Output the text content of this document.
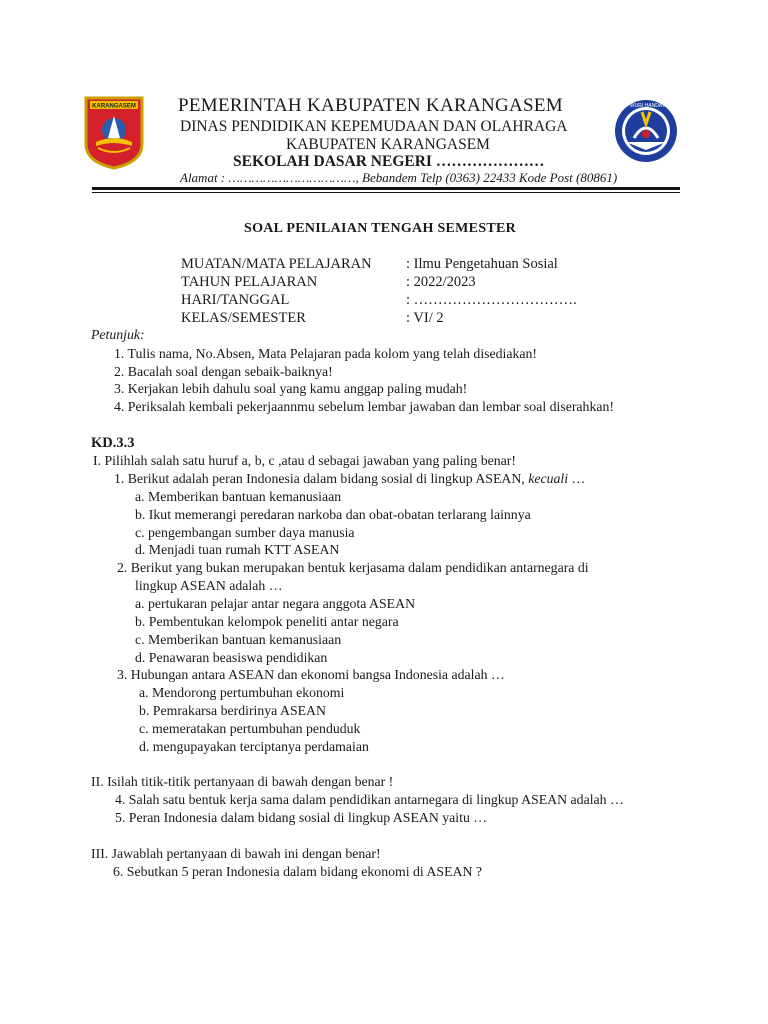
KARANGASEM	TUT WURI HANDAYANI
PEMERINTAH KABUPATEN KARANGASEM
DINAS PENDIDIKAN KEPEMUDAAN DAN OLAHRAGA
KABUPATEN KARANGASEM
SEKOLAH DASAR NEGERI …………………
Alamat : ……………………………, Bebandem Telp (0363) 22433 Kode Post (80861)
SOAL PENILAIAN TENGAH SEMESTER
MUATAN/MATA PELAJARAN : Ilmu Pengetahuan Sosial
TAHUN PELAJARAN	: 2022/2023
HARI/TANGGAL	: …………………………….
KELAS/SEMESTER	: VI/ 2
Petunjuk:
1. Tulis nama, No.Absen, Mata Pelajaran pada kolom yang telah disediakan!
2. Bacalah soal dengan sebaik-baiknya!
3. Kerjakan lebih dahulu soal yang kamu anggap paling mudah!
4. Periksalah kembali pekerjaannmu sebelum lembar jawaban dan lembar soal diserahkan!
KD.3.3
I. Pilihlah salah satu huruf a, b, c ,atau d sebagai jawaban yang paling benar!
1. Berikut adalah peran Indonesia dalam bidang sosial di lingkup ASEAN, kecuali …
a. Memberikan bantuan kemanusiaan
b. Ikut memerangi peredaran narkoba dan obat-obatan terlarang lainnya
c. pengembangan sumber daya manusia
d. Menjadi tuan rumah KTT ASEAN
2. Berikut yang bukan merupakan bentuk kerjasama dalam pendidikan antarnegara di
lingkup ASEAN adalah …
a. pertukaran pelajar antar negara anggota ASEAN
b. Pembentukan kelompok peneliti antar negara
c. Memberikan bantuan kemanusiaan
d. Penawaran beasiswa pendidikan
3. Hubungan antara ASEAN dan ekonomi bangsa Indonesia adalah …
a. Mendorong pertumbuhan ekonomi
b. Pemrakarsa berdirinya ASEAN
c. memeratakan pertumbuhan penduduk
d. mengupayakan terciptanya perdamaian
II. Isilah titik-titik pertanyaan di bawah dengan benar !
4. Salah satu bentuk kerja sama dalam pendidikan antarnegara di lingkup ASEAN adalah …
5. Peran Indonesia dalam bidang sosial di lingkup ASEAN yaitu …
III. Jawablah pertanyaan di bawah ini dengan benar!
6. Sebutkan 5 peran Indonesia dalam bidang ekonomi di ASEAN ?
